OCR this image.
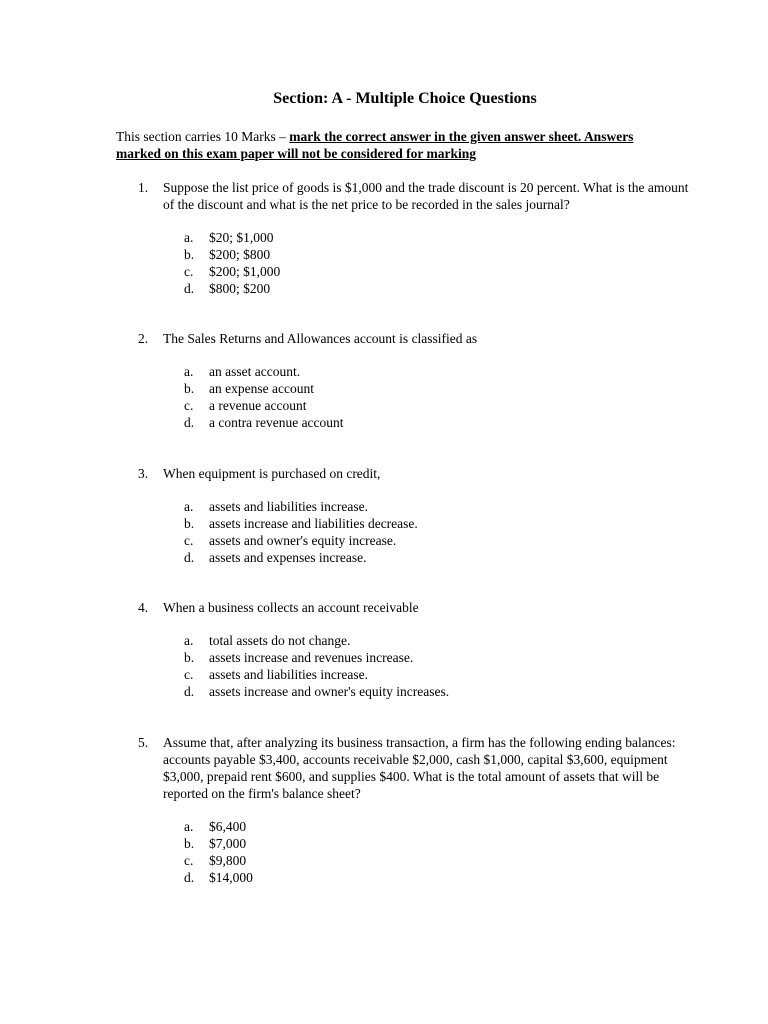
Section: A - Multiple Choice Questions
This section carries 10 Marks – mark the correct answer in the given answer sheet. Answers marked on this exam paper will not be considered for marking
1.	Suppose the list price of goods is $1,000 and the trade discount is 20 percent. What is the amount of the discount and what is the net price to be recorded in the sales journal?
a.	$20; $1,000
b.	$200; $800
c.	$200; $1,000
d.	$800; $200
2.	The Sales Returns and Allowances account is classified as
a.	an asset account.
b.	an expense account
c.	a revenue account
d.	a contra revenue account
3.	When equipment is purchased on credit,
a.	assets and liabilities increase.
b.	assets increase and liabilities decrease.
c.	assets and owner's equity increase.
d.	assets and expenses increase.
4.	When a business collects an account receivable
a.	total assets do not change.
b.	assets increase and revenues increase.
c.	assets and liabilities increase.
d.	assets increase and owner's equity increases.
5.	Assume that, after analyzing its business transaction, a firm has the following ending balances: accounts payable $3,400, accounts receivable $2,000, cash $1,000, capital $3,600, equipment $3,000, prepaid rent $600, and supplies $400. What is the total amount of assets that will be reported on the firm's balance sheet?
a.	$6,400
b.	$7,000
c.	$9,800
d.	$14,000
